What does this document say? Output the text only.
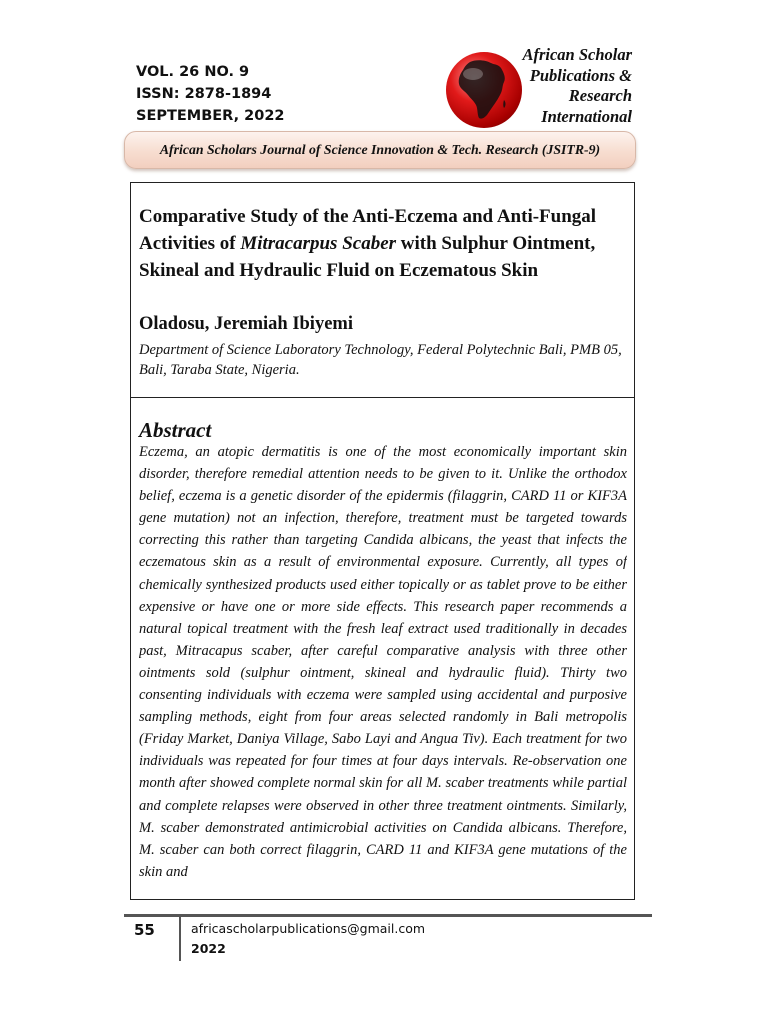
VOL. 26 NO. 9
ISSN: 2878-1894
SEPTEMBER, 2022
African Scholar
Publications &
Research
International
African Scholars Journal of Science Innovation & Tech. Research (JSITR-9)
Comparative Study of the Anti-Eczema and Anti-Fungal Activities of Mitracarpus Scaber with Sulphur Ointment, Skineal and Hydraulic Fluid on Eczematous Skin
Oladosu, Jeremiah Ibiyemi
Department of Science Laboratory Technology, Federal Polytechnic Bali, PMB 05, Bali, Taraba State, Nigeria.
Abstract

Eczema, an atopic dermatitis is one of the most economically important skin disorder, therefore remedial attention needs to be given to it. Unlike the orthodox belief, eczema is a genetic disorder of the epidermis (filaggrin, CARD 11 or KIF3A gene mutation) not an infection, therefore, treatment must be targeted towards correcting this rather than targeting Candida albicans, the yeast that infects the eczematous skin as a result of environmental exposure. Currently, all types of chemically synthesized products used either topically or as tablet prove to be either expensive or have one or more side effects. This research paper recommends a natural topical treatment with the fresh leaf extract used traditionally in decades past, Mitracapus scaber, after careful comparative analysis with three other ointments sold (sulphur ointment, skineal and hydraulic fluid). Thirty two consenting individuals with eczema were sampled using accidental and purposive sampling methods, eight from four areas selected randomly in Bali metropolis (Friday Market, Daniya Village, Sabo Layi and Angua Tiv). Each treatment for two individuals was repeated for four times at four days intervals. Re-observation one month after showed complete normal skin for all M. scaber treatments while partial and complete relapses were observed in other three treatment ointments. Similarly, M. scaber demonstrated antimicrobial activities on Candida albicans. Therefore, M. scaber can both correct filaggrin, CARD 11 and KIF3A gene mutations of the skin and

55	africascholarpublications@gmail.com
2022
